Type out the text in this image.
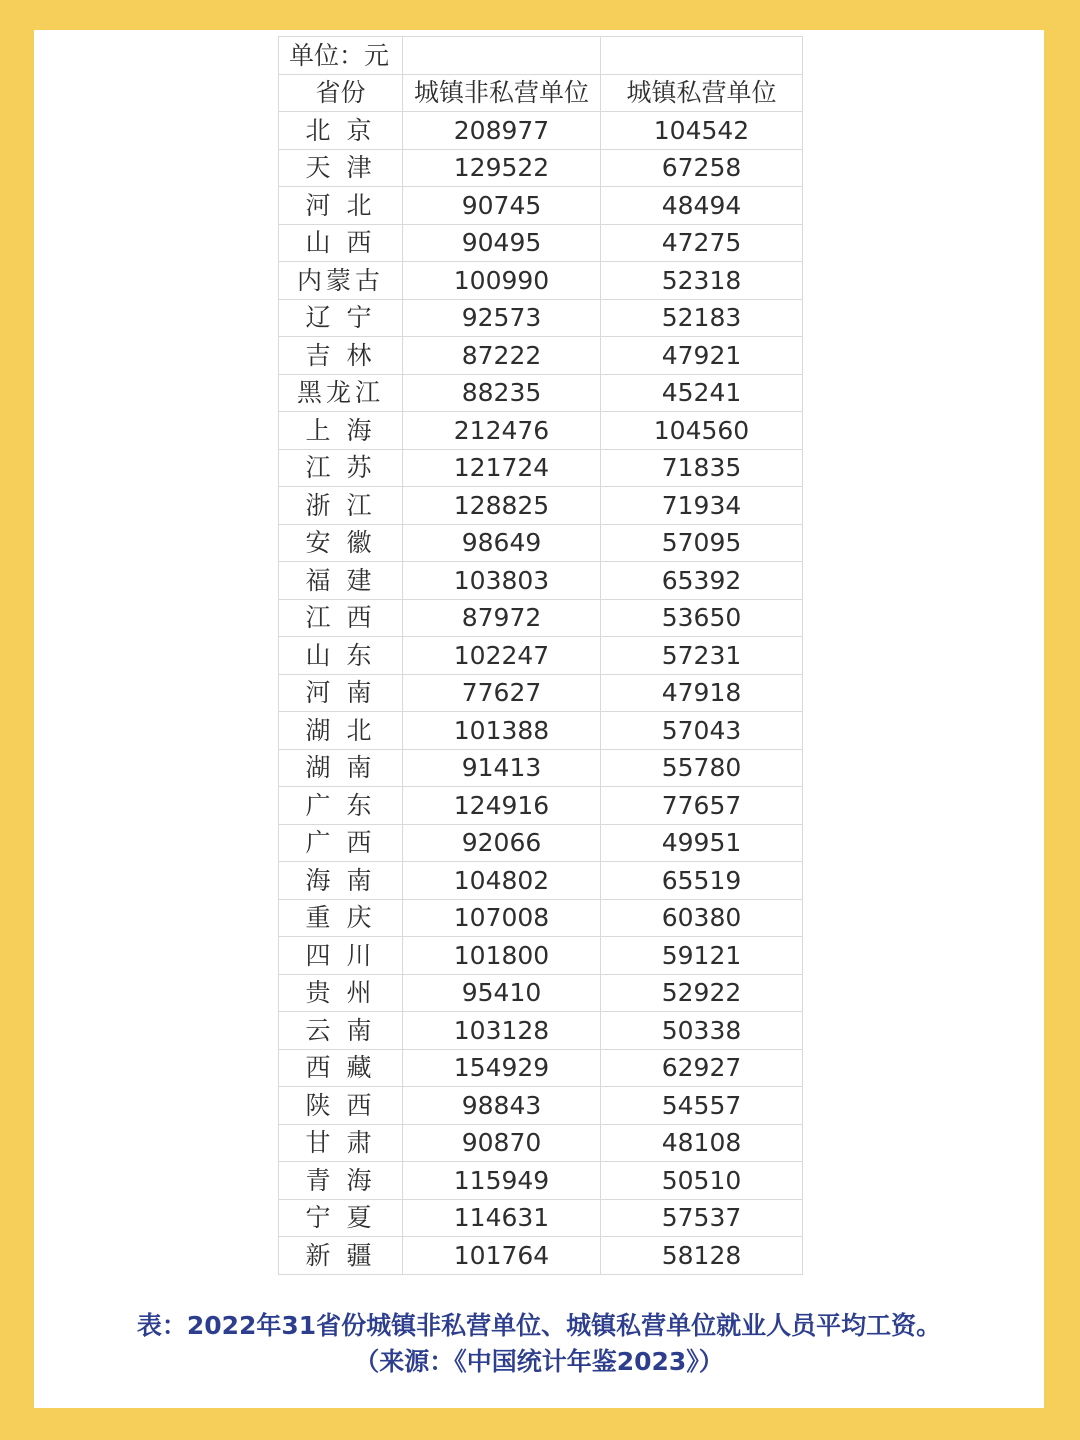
单位：元		
省份	城镇非私营单位	城镇私营单位
北 京	208977	104542
天 津	129522	67258
河 北	90745	48494
山 西	90495	47275
内蒙古	100990	52318
辽 宁	92573	52183
吉 林	87222	47921
黑龙江	88235	45241
上 海	212476	104560
江 苏	121724	71835
浙 江	128825	71934
安 徽	98649	57095
福 建	103803	65392
江 西	87972	53650
山 东	102247	57231
河 南	77627	47918
湖 北	101388	57043
湖 南	91413	55780
广 东	124916	77657
广 西	92066	49951
海 南	104802	65519
重 庆	107008	60380
四 川	101800	59121
贵 州	95410	52922
云 南	103128	50338
西 藏	154929	62927
陕 西	98843	54557
甘 肃	90870	48108
青 海	115949	50510
宁 夏	114631	57537
新 疆	101764	58128
表：2022年31省份城镇非私营单位、城镇私营单位就业人员平均工资。
（来源：《中国统计年鉴2023》）
